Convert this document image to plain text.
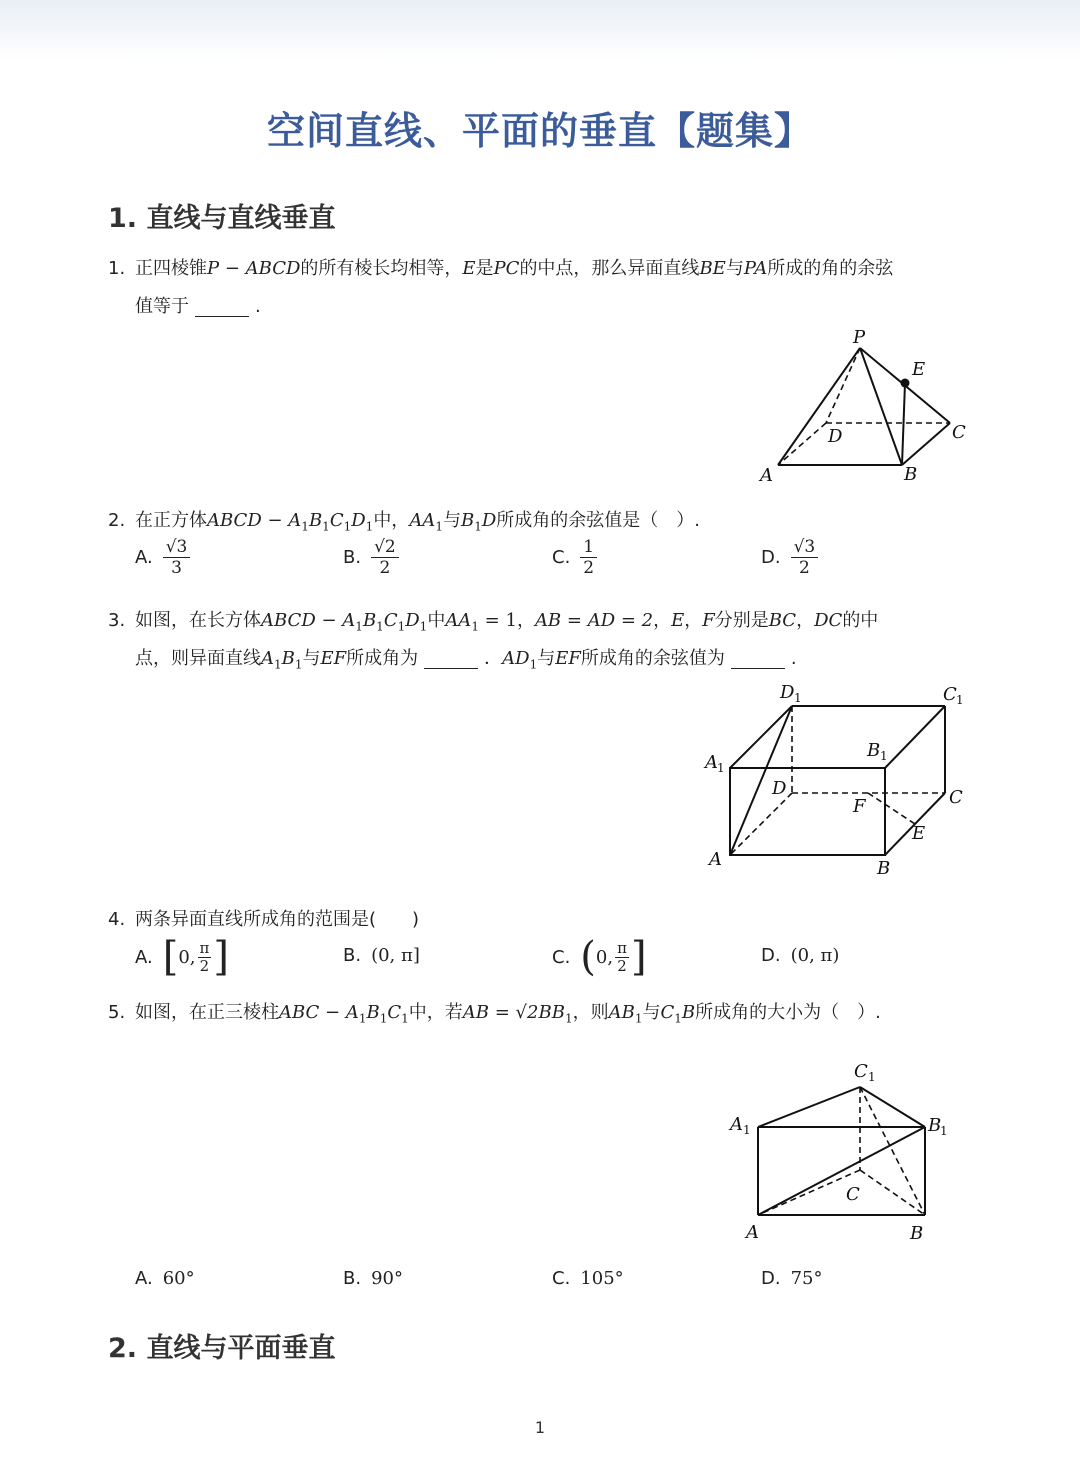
空间直线、平面的垂直【题集】
1. 直线与直线垂直
1. 正四棱锥P − ABCD的所有棱长均相等，E是PC的中点，那么异面直线BE与PA所成的角的余弦
值等于	.
P
E
D	C
A	B
2. 在正方体ABCD − $A_1B_1C_1D_1$中，$AA_1$与$B_1D$所成角的余弦值是（　）.
A. $\frac{√3}{3}$	B. $\frac{√2}{2}$	C. $\frac{1}{2}$	D. $\frac{√3}{2}$
3. 如图，在长方体ABCD − $A_1B_1C_1D_1$中$AA_1 = 1$，AB = AD = 2，E，F分别是BC，DC的中
点，则异面直线$A_1B_1$与EF所成角为	．$AD_1$与EF所成角的余弦值为	.
D 1	C 1
A 1
B 1
D	C
F
E
A	B
4. 两条异面直线所成角的范围是(　　)
A. [ 0, $\frac{\pi}{2}$ ]	B. (0, π]	C. ( 0, $\frac{\pi}{2}$ ]	D. (0, π)
5. 如图，在正三棱柱ABC − $A_1B_1C_1$中，若AB = $√2BB_1$，则$AB_1$与$C_1B$所成角的大小为（　）.
C 1
A 1	B
1
C
A	B
A. 60°	B. 90°	C. 105°	D. 75°
2. 直线与平面垂直
1
